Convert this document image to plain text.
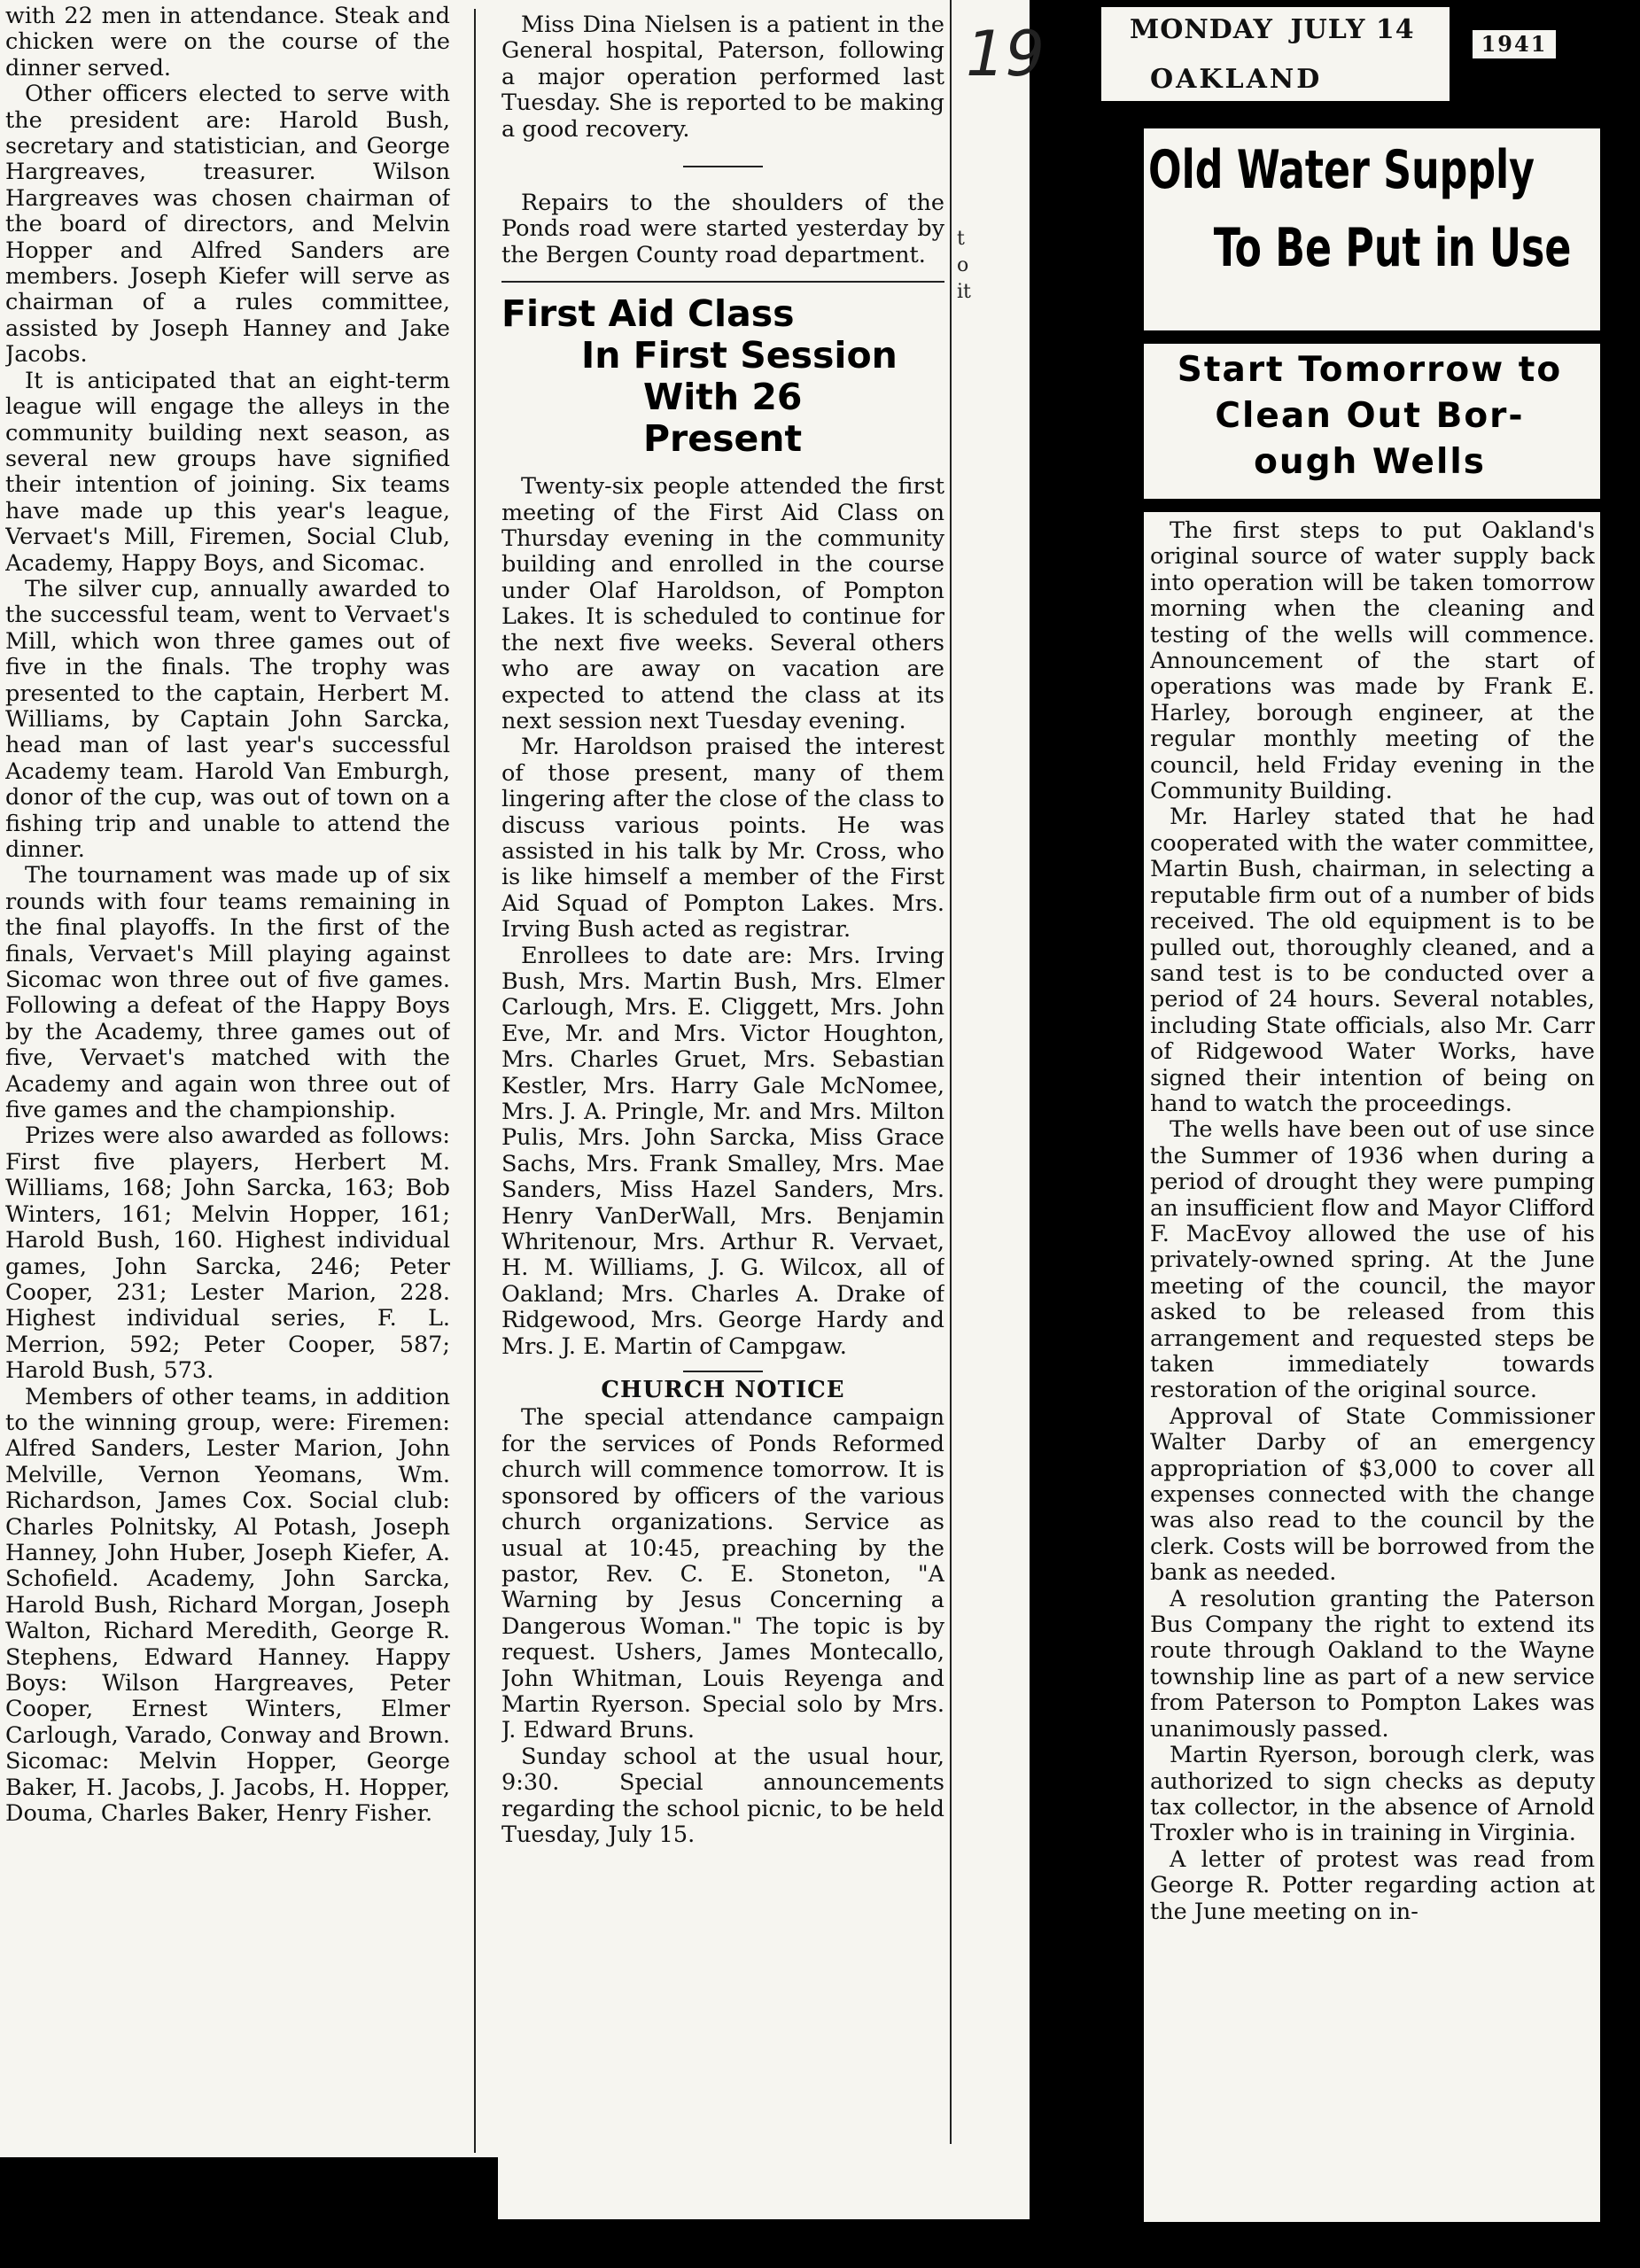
with 22 men in attendance. Steak and chicken were on the course of the dinner served.

Other officers elected to serve with the president are: Harold Bush, secretary and statistician, and George Hargreaves, treasurer. Wilson Hargreaves was chosen chairman of the board of directors, and Melvin Hopper and Alfred Sanders are members. Joseph Kiefer will serve as chairman of a rules committee, assisted by Joseph Hanney and Jake Jacobs.

It is anticipated that an eight-term league will engage the alleys in the community building next season, as several new groups have signified their intention of joining. Six teams have made up this year's league, Vervaet's Mill, Firemen, Social Club, Academy, Happy Boys, and Sicomac.

The silver cup, annually awarded to the successful team, went to Vervaet's Mill, which won three games out of five in the finals. The trophy was presented to the captain, Herbert M. Williams, by Captain John Sarcka, head man of last year's successful Academy team. Harold Van Emburgh, donor of the cup, was out of town on a fishing trip and unable to attend the dinner.

The tournament was made up of six rounds with four teams remaining in the final playoffs. In the first of the finals, Vervaet's Mill playing against Sicomac won three out of five games. Following a defeat of the Happy Boys by the Academy, three games out of five, Vervaet's matched with the Academy and again won three out of five games and the championship.

Prizes were also awarded as follows: First five players, Herbert M. Williams, 168; John Sarcka, 163; Bob Winters, 161; Melvin Hopper, 161; Harold Bush, 160. Highest individual games, John Sarcka, 246; Peter Cooper, 231; Lester Marion, 228. Highest individual series, F. L. Merrion, 592; Peter Cooper, 587; Harold Bush, 573.

Members of other teams, in addition to the winning group, were: Firemen: Alfred Sanders, Lester Marion, John Melville, Vernon Yeomans, Wm. Richardson, James Cox. Social club: Charles Polnitsky, Al Potash, Joseph Hanney, John Huber, Joseph Kiefer, A. Schofield. Academy, John Sarcka, Harold Bush, Richard Morgan, Joseph Walton, Richard Meredith, George R. Stephens, Edward Hanney. Happy Boys: Wilson Hargreaves, Peter Cooper, Ernest Winters, Elmer Carlough, Varado, Conway and Brown. Sicomac: Melvin Hopper, George Baker, H. Jacobs, J. Jacobs, H. Hopper, Douma, Charles Baker, Henry Fisher.

Miss Dina Nielsen is a patient in the General hospital, Paterson, following a major operation performed last Tuesday. She is reported to be making a good recovery.

Repairs to the shoulders of the Ponds road were started yesterday by the Bergen County road department.

First Aid Class
In First Session
With 26 Present

Twenty-six people attended the first meeting of the First Aid Class on Thursday evening in the community building and enrolled in the course under Olaf Haroldson, of Pompton Lakes. It is scheduled to continue for the next five weeks. Several others who are away on vacation are expected to attend the class at its next session next Tuesday evening.

Mr. Haroldson praised the interest of those present, many of them lingering after the close of the class to discuss various points. He was assisted in his talk by Mr. Cross, who is like himself a member of the First Aid Squad of Pompton Lakes. Mrs. Irving Bush acted as registrar.

Enrollees to date are: Mrs. Irving Bush, Mrs. Martin Bush, Mrs. Elmer Carlough, Mrs. E. Cliggett, Mrs. John Eve, Mr. and Mrs. Victor Houghton, Mrs. Charles Gruet, Mrs. Sebastian Kestler, Mrs. Harry Gale McNomee, Mrs. J. A. Pringle, Mr. and Mrs. Milton Pulis, Mrs. John Sarcka, Miss Grace Sachs, Mrs. Frank Smalley, Mrs. Mae Sanders, Miss Hazel Sanders, Mrs. Henry VanDerWall, Mrs. Benjamin Whritenour, Mrs. Arthur R. Vervaet, H. M. Williams, J. G. Wilcox, all of Oakland; Mrs. Charles A. Drake of Ridgewood, Mrs. George Hardy and Mrs. J. E. Martin of Campgaw.

CHURCH NOTICE

The special attendance campaign for the services of Ponds Reformed church will commence tomorrow. It is sponsored by officers of the various church organizations. Service as usual at 10:45, preaching by the pastor, Rev. C. E. Stoneton, "A Warning by Jesus Concerning a Dangerous Woman." The topic is by request. Ushers, James Montecallo, John Whitman, Louis Reyenga and Martin Ryerson. Special solo by Mrs. J. Edward Bruns.

Sunday school at the usual hour, 9:30. Special announcements regarding the school picnic, to be held Tuesday, July 15.

t
o
it
19	MONDAY JULY 14
OAKLAND
1941
Old Water Supply
To Be Put in Use
Start Tomorrow to
Clean Out Bor-
ough Wells

The first steps to put Oakland's original source of water supply back into operation will be taken tomorrow morning when the cleaning and testing of the wells will commence. Announcement of the start of operations was made by Frank E. Harley, borough engineer, at the regular monthly meeting of the council, held Friday evening in the Community Building.

Mr. Harley stated that he had cooperated with the water committee, Martin Bush, chairman, in selecting a reputable firm out of a number of bids received. The old equipment is to be pulled out, thoroughly cleaned, and a sand test is to be conducted over a period of 24 hours. Several notables, including State officials, also Mr. Carr of Ridgewood Water Works, have signed their intention of being on hand to watch the proceedings.

The wells have been out of use since the Summer of 1936 when during a period of drought they were pumping an insufficient flow and Mayor Clifford F. MacEvoy allowed the use of his privately-owned spring. At the June meeting of the council, the mayor asked to be released from this arrangement and requested steps be taken immediately towards restoration of the original source.

Approval of State Commissioner Walter Darby of an emergency appropriation of $3,000 to cover all expenses connected with the change was also read to the council by the clerk. Costs will be borrowed from the bank as needed.

A resolution granting the Paterson Bus Company the right to extend its route through Oakland to the Wayne township line as part of a new service from Paterson to Pompton Lakes was unanimously passed.

Martin Ryerson, borough clerk, was authorized to sign checks as deputy tax collector, in the absence of Arnold Troxler who is in training in Virginia.

A letter of protest was read from George R. Potter regarding action at the June meeting on in-
